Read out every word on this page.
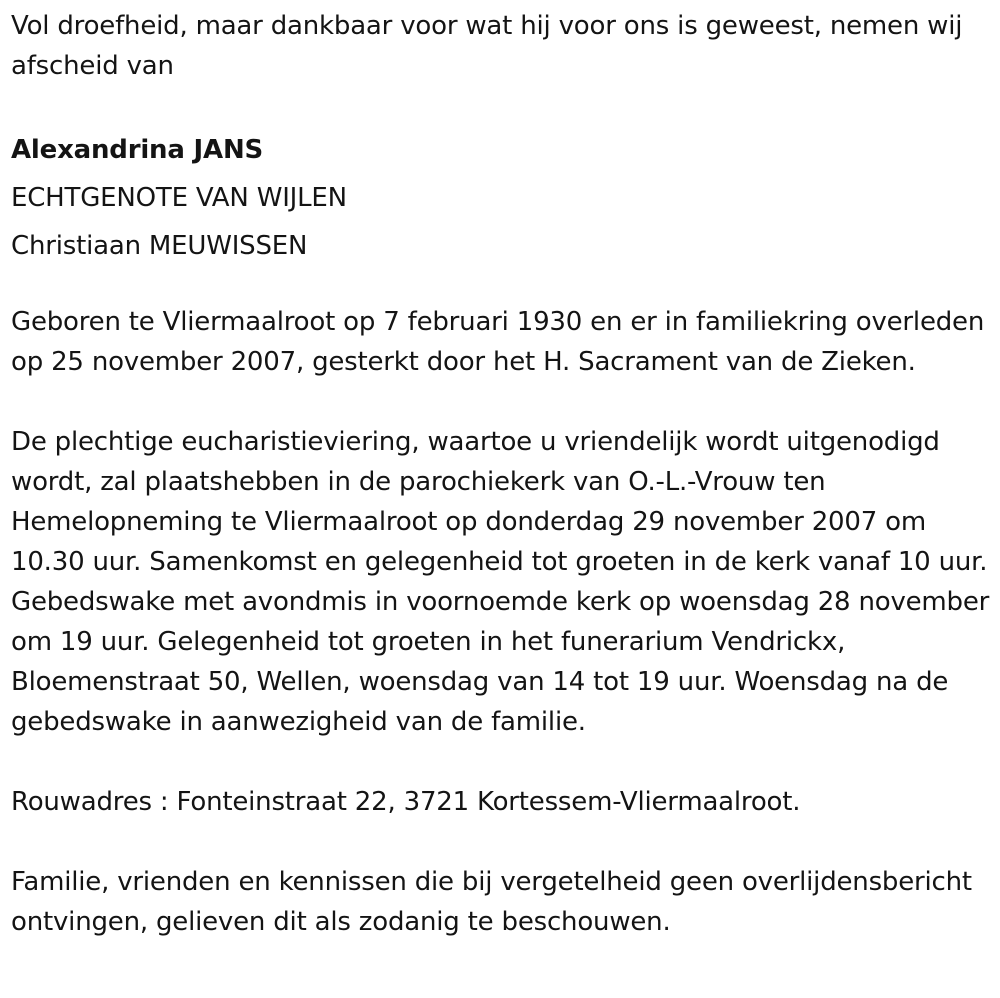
Vol droefheid, maar dankbaar voor wat hij voor ons is geweest, nemen wij afscheid van

Alexandrina JANS

ECHTGENOTE VAN WIJLEN

Christiaan MEUWISSEN

Geboren te Vliermaalroot op 7 februari 1930 en er in familiekring overleden op 25 november 2007, gesterkt door het H. Sacrament van de Zieken.

De plechtige eucharistieviering, waartoe u vriendelijk wordt uitgenodigd wordt, zal plaatshebben in de parochiekerk van O.-L.-Vrouw ten Hemelopneming te Vliermaalroot op donderdag 29 november 2007 om 10.30 uur. Samenkomst en gelegenheid tot groeten in de kerk vanaf 10 uur. Gebedswake met avondmis in voornoemde kerk op woensdag 28 november om 19 uur. Gelegenheid tot groeten in het funerarium Vendrickx, Bloemenstraat 50, Wellen, woensdag van 14 tot 19 uur. Woensdag na de gebedswake in aanwezigheid van de familie.

Rouwadres : Fonteinstraat 22, 3721 Kortessem-Vliermaalroot.

Familie, vrienden en kennissen die bij vergetelheid geen overlijdensbericht ontvingen, gelieven dit als zodanig te beschouwen.
